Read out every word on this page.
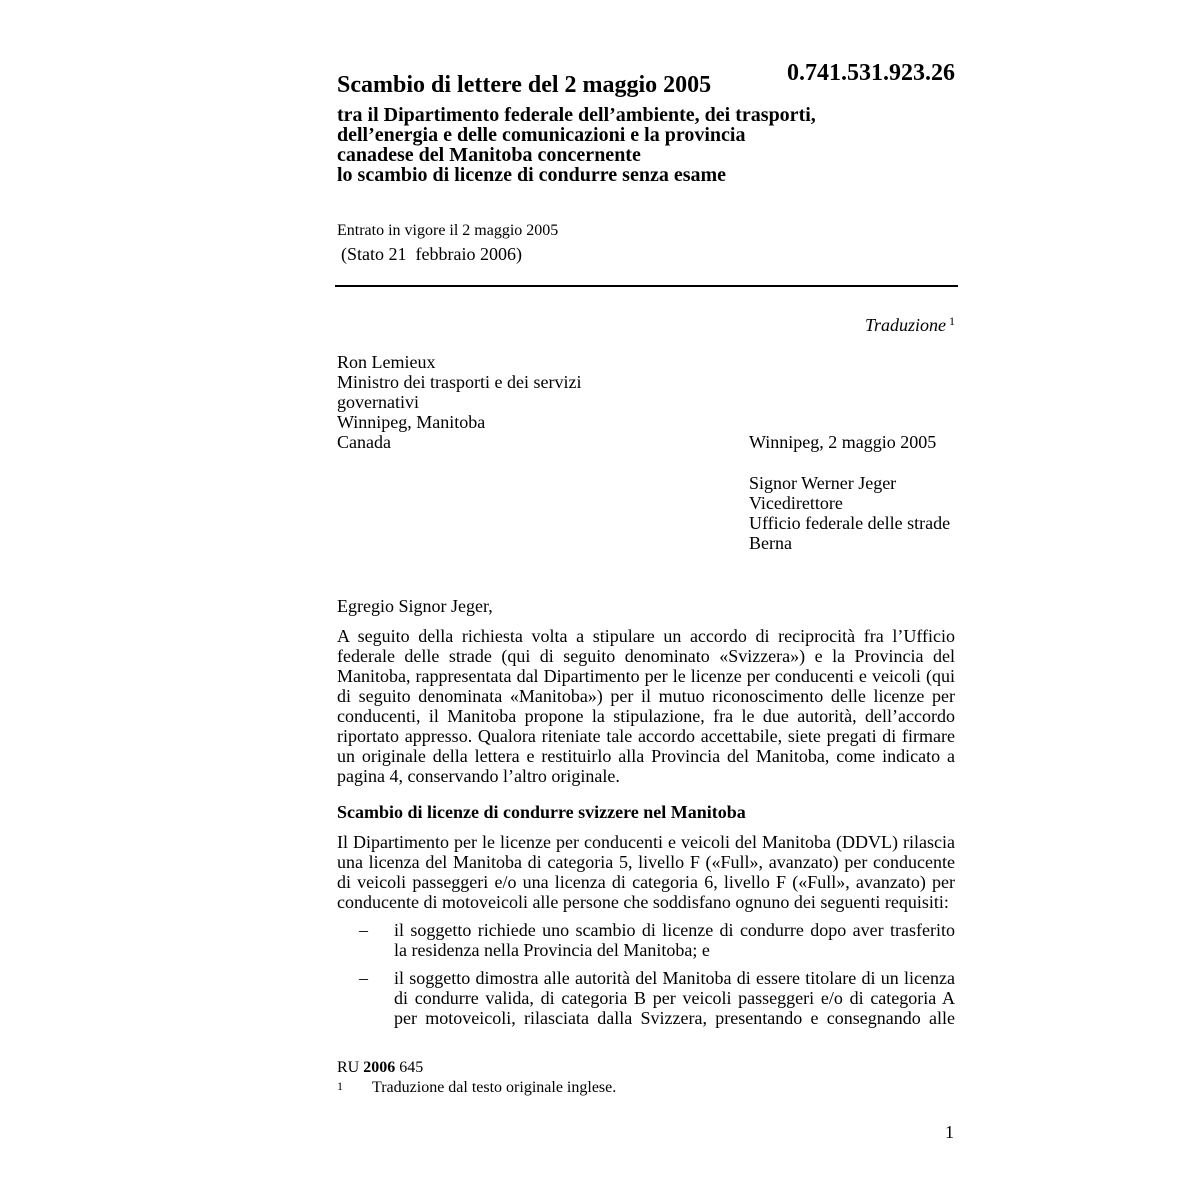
Scambio di lettere del 2 maggio 2005	0.741.531.923.26
tra il Dipartimento federale dell’ambiente, dei trasporti,
dell’energia e delle comunicazioni e la provincia
canadese del Manitoba concernente
lo scambio di licenze di condurre senza esame
Entrato in vigore il 2 maggio 2005
(Stato 21  febbraio 2006)
Traduzione $^1$
Ron Lemieux
Ministro dei trasporti e dei servizi
governativi
Winnipeg, Manitoba
Canada	Winnipeg, 2 maggio 2005
Signor Werner Jeger
Vicedirettore
Ufficio federale delle strade
Berna
Egregio Signor Jeger,
A seguito della richiesta volta a stipulare un accordo di reciprocità fra l’Ufficio
federale delle strade (qui di seguito denominato «Svizzera») e la Provincia del
Manitoba, rappresentata dal Dipartimento per le licenze per conducenti e veicoli (qui
di seguito denominata «Manitoba») per il mutuo riconoscimento delle licenze per
conducenti, il Manitoba propone la stipulazione, fra le due autorità, dell’accordo
riportato appresso. Qualora riteniate tale accordo accettabile, siete pregati di firmare
un originale della lettera e restituirlo alla Provincia del Manitoba, come indicato a
pagina 4, conservando l’altro originale.
Scambio di licenze di condurre svizzere nel Manitoba
Il Dipartimento per le licenze per conducenti e veicoli del Manitoba (DDVL) rilascia
una licenza del Manitoba di categoria 5, livello F («Full», avanzato) per conducente
di veicoli passeggeri e/o una licenza di categoria 6, livello F («Full», avanzato) per
conducente di motoveicoli alle persone che soddisfano ognuno dei seguenti requisiti:
– il soggetto richiede uno scambio di licenze di condurre dopo aver trasferito
la residenza nella Provincia del Manitoba; e
– il soggetto dimostra alle autorità del Manitoba di essere titolare di un licenza
di condurre valida, di categoria B per veicoli passeggeri e/o di categoria A
per motoveicoli, rilasciata dalla Svizzera, presentando e consegnando alle
RU 2006 645
1 Traduzione dal testo originale inglese.
1
